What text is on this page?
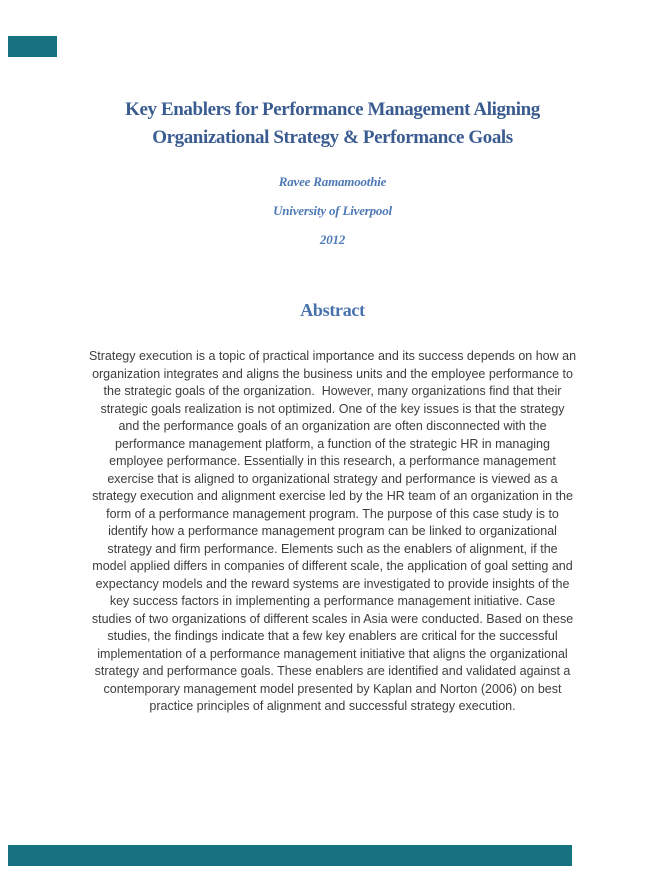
Key Enablers for Performance Management Aligning
Organizational Strategy & Performance Goals
Ravee Ramamoothie
University of Liverpool
2012
Abstract
Strategy execution is a topic of practical importance and its success depends on how an
organization integrates and aligns the business units and the employee performance to
the strategic goals of the organization.  However, many organizations find that their
strategic goals realization is not optimized. One of the key issues is that the strategy
and the performance goals of an organization are often disconnected with the
performance management platform, a function of the strategic HR in managing
employee performance. Essentially in this research, a performance management
exercise that is aligned to organizational strategy and performance is viewed as a
strategy execution and alignment exercise led by the HR team of an organization in the
form of a performance management program. The purpose of this case study is to
identify how a performance management program can be linked to organizational
strategy and firm performance. Elements such as the enablers of alignment, if the
model applied differs in companies of different scale, the application of goal setting and
expectancy models and the reward systems are investigated to provide insights of the
key success factors in implementing a performance management initiative. Case
studies of two organizations of different scales in Asia were conducted. Based on these
studies, the findings indicate that a few key enablers are critical for the successful
implementation of a performance management initiative that aligns the organizational
strategy and performance goals. These enablers are identified and validated against a
contemporary management model presented by Kaplan and Norton (2006) on best
practice principles of alignment and successful strategy execution.
